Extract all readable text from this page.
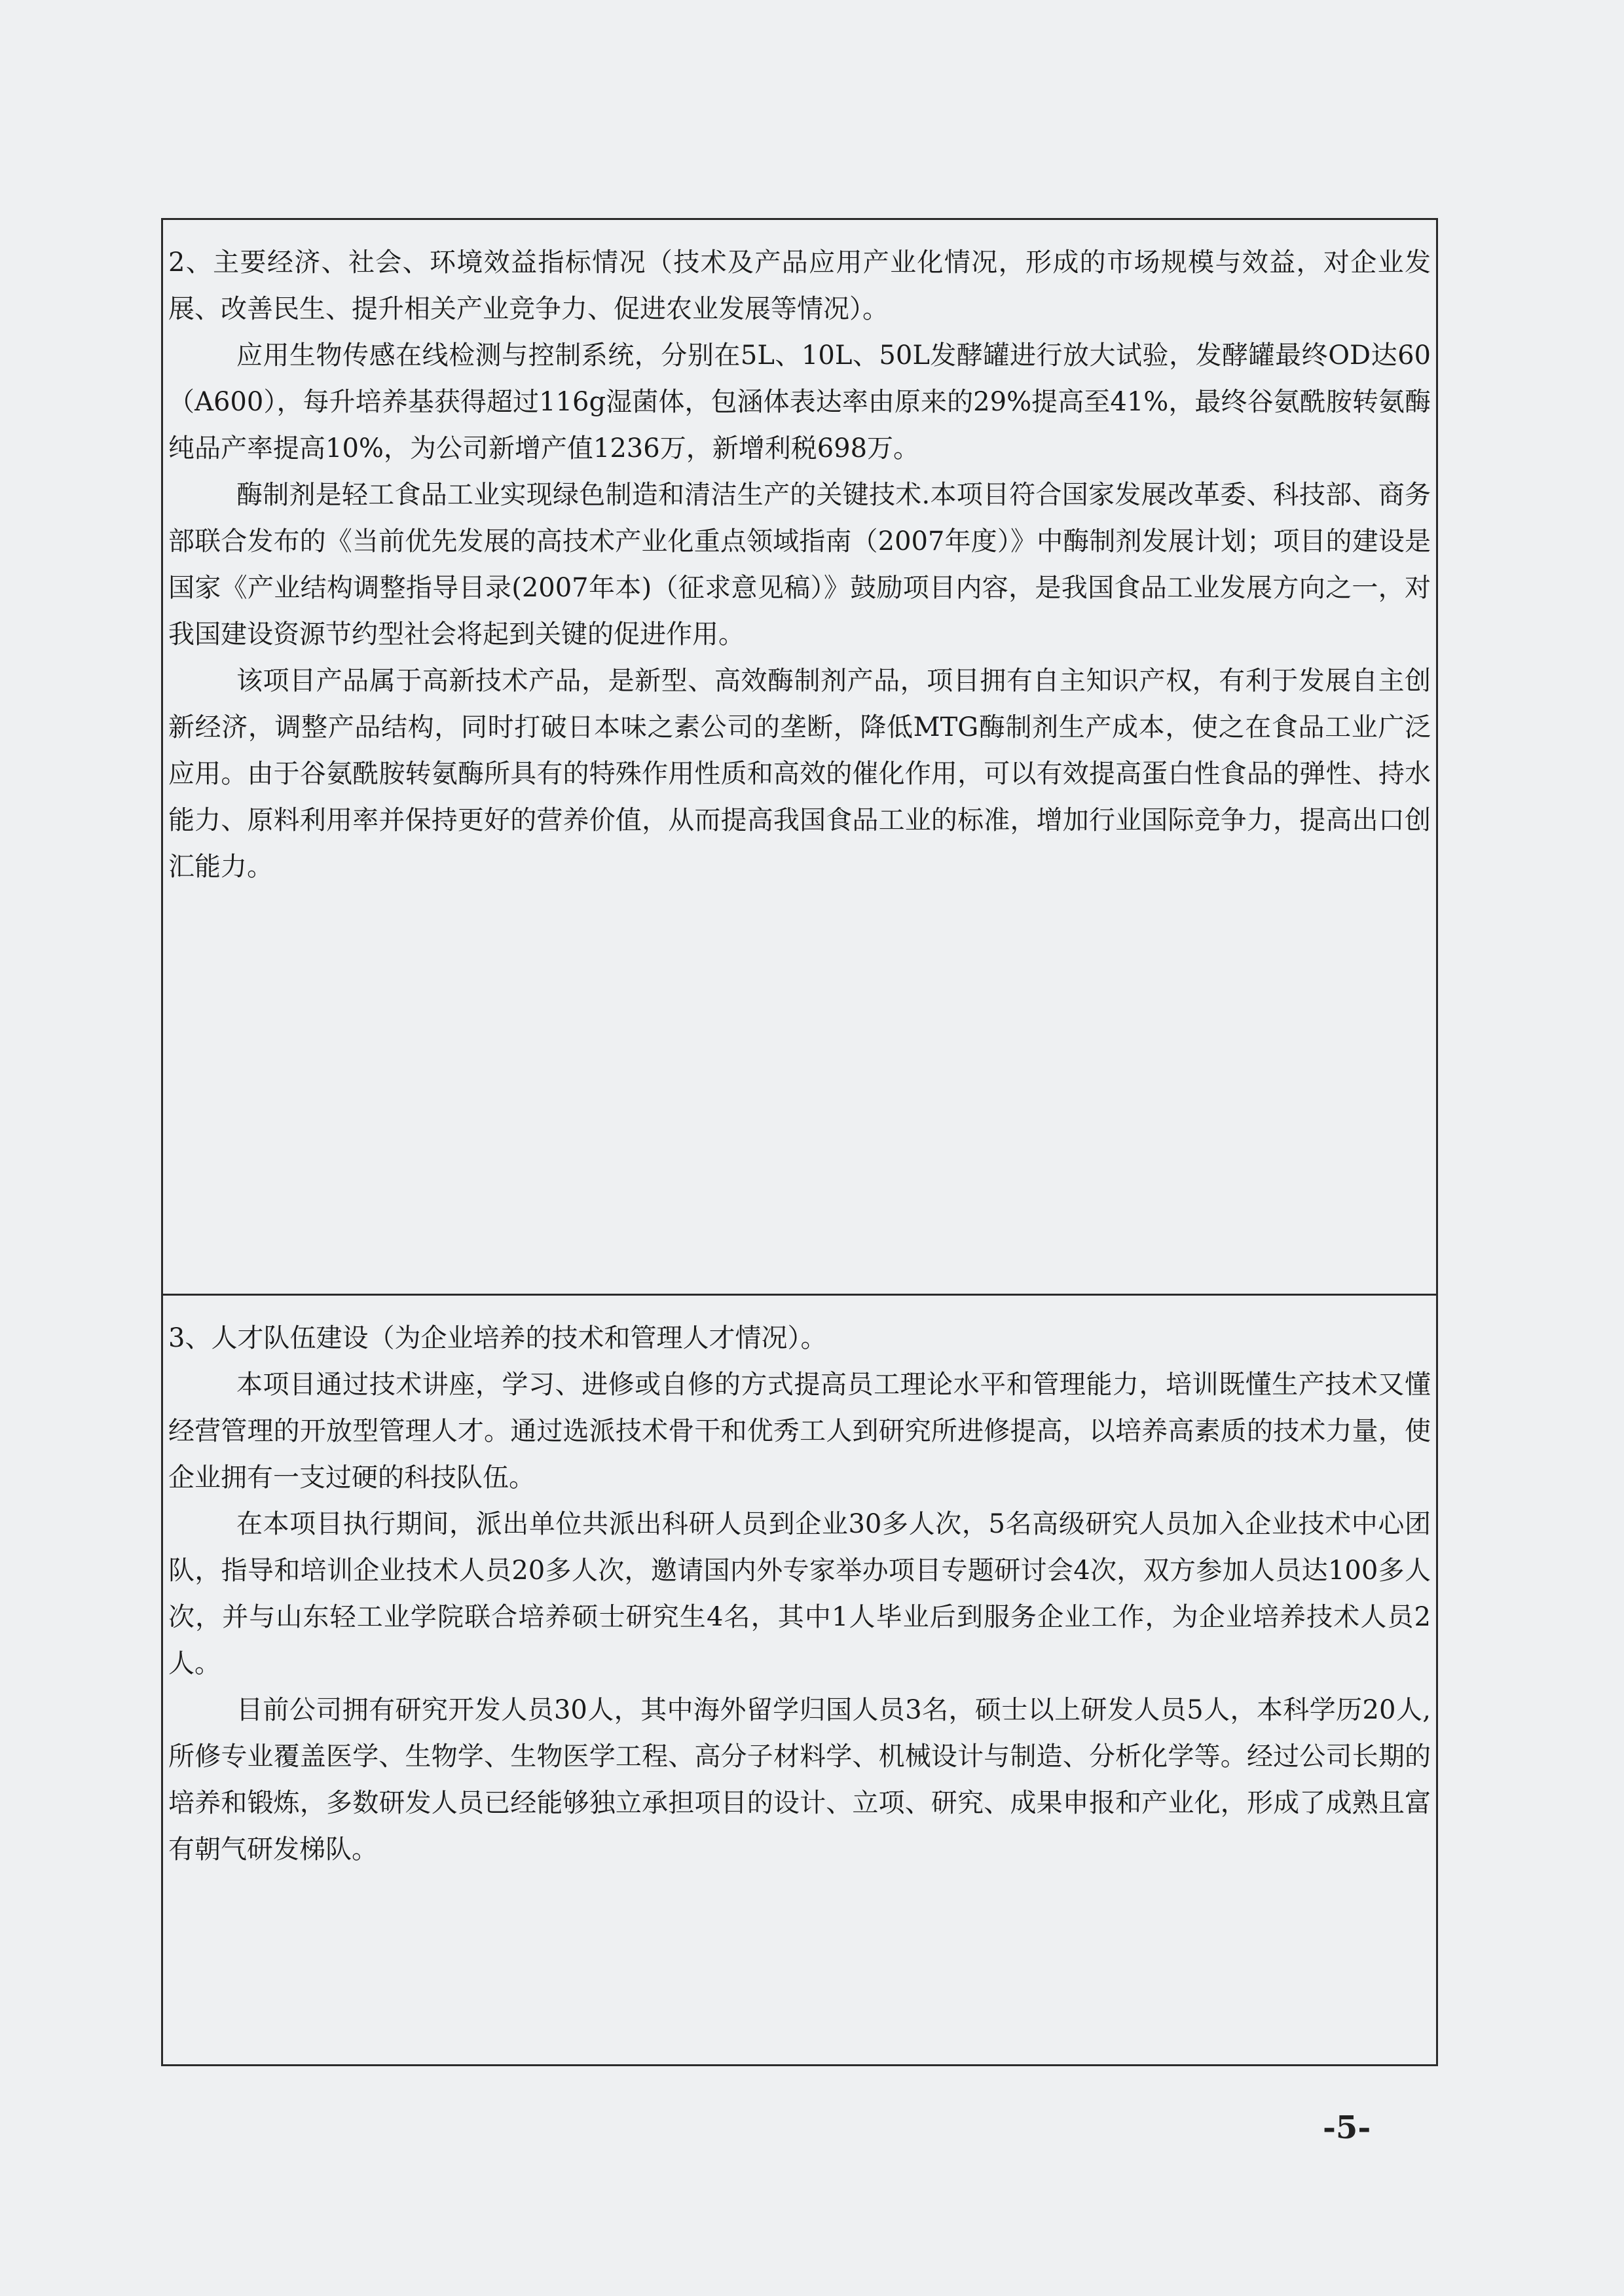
2、主要经济、社会、环境效益指标情况（技术及产品应用产业化情况，形成的市场规模与效益，对企业发展、改善民生、提升相关产业竞争力、促进农业发展等情况）。

应用生物传感在线检测与控制系统，分别在5L、10L、50L发酵罐进行放大试验，发酵罐最终OD达60（A600），每升培养基获得超过116g湿菌体，包涵体表达率由原来的29%提高至41%，最终谷氨酰胺转氨酶纯品产率提高10%，为公司新增产值1236万，新增利税698万。

酶制剂是轻工食品工业实现绿色制造和清洁生产的关键技术.本项目符合国家发展改革委、科技部、商务部联合发布的《当前优先发展的高技术产业化重点领域指南（2007年度）》中酶制剂发展计划；项目的建设是国家《产业结构调整指导目录(2007年本)（征求意见稿）》鼓励项目内容，是我国食品工业发展方向之一，对我国建设资源节约型社会将起到关键的促进作用。

该项目产品属于高新技术产品，是新型、高效酶制剂产品，项目拥有自主知识产权，有利于发展自主创新经济，调整产品结构，同时打破日本味之素公司的垄断，降低MTG酶制剂生产成本，使之在食品工业广泛应用。由于谷氨酰胺转氨酶所具有的特殊作用性质和高效的催化作用，可以有效提高蛋白性食品的弹性、持水能力、原料利用率并保持更好的营养价值，从而提高我国食品工业的标准，增加行业国际竞争力，提高出口创汇能力。

3、人才队伍建设（为企业培养的技术和管理人才情况）。

本项目通过技术讲座，学习、进修或自修的方式提高员工理论水平和管理能力，培训既懂生产技术又懂经营管理的开放型管理人才。通过选派技术骨干和优秀工人到研究所进修提高，以培养高素质的技术力量，使企业拥有一支过硬的科技队伍。

在本项目执行期间，派出单位共派出科研人员到企业30多人次，5名高级研究人员加入企业技术中心团队，指导和培训企业技术人员20多人次，邀请国内外专家举办项目专题研讨会4次，双方参加人员达100多人次，并与山东轻工业学院联合培养硕士研究生4名，其中1人毕业后到服务企业工作，为企业培养技术人员2人。

目前公司拥有研究开发人员30人，其中海外留学归国人员3名，硕士以上研发人员5人，本科学历20人,所修专业覆盖医学、生物学、生物医学工程、高分子材料学、机械设计与制造、分析化学等。经过公司长期的培养和锻炼，多数研发人员已经能够独立承担项目的设计、立项、研究、成果申报和产业化，形成了成熟且富有朝气研发梯队。

-5-
